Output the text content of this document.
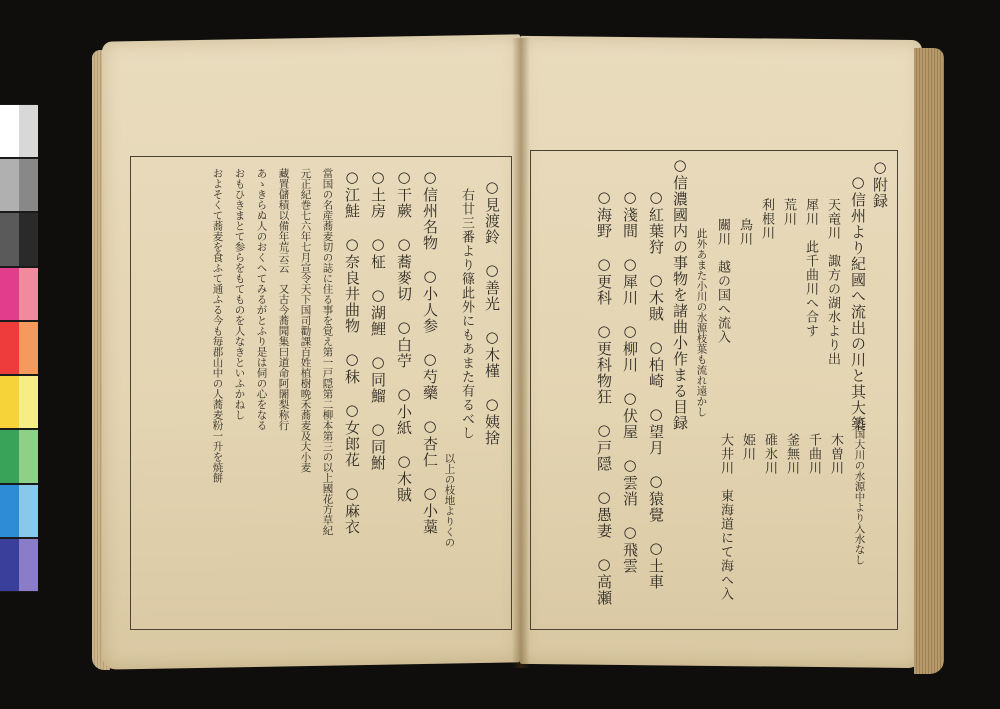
○附録
○信州より紀國へ流出の川と其大築
天竜川　諏方の湖水より出
犀川　此千曲川へ合す
荒川
利根川
鳥川
關川　越の国へ流入
此外あまた小川の水源枝葉も流れ遠かし
○信濃國内の事物を諸曲小作まる目録
○紅葉狩　○木賊　○柏崎　○望月　○猿覺　○土車
○淺間　○犀川　○柳川　○伏屋　○雲消　○飛雲
○海野　○更科　○更科物狂　○戸隠　○愚妻　○高瀬	近国大川の水源中より入水なし
木曽川
千曲川
釜無川
碓氷川
姫川
大井川　東海道にて海へ入
○見渡鈴　○善光　○木槿　○姨捨
右廿三番より篠此外にもあまた有るべし
以上の枝地よりくの
○信州名物　○小人参　○芍藥　○杏仁　○小藁
○干蕨　○蕎麥切　○白苧　○小紙　○木賊
○土房　○柾　○湖鯉　○同鰡　○同鮒
○江鮭　○奈良井曲物　○秣　○女郎花　○麻衣
當国の名産蕎麦切の誌に住る事を覚え第一戸隠第二柳本第三の以上國花方草紀
元正紀巻七六年七月宣令天下国司勸課百姓植樹晩禾蕎麦及大小麦
藏置儲積以備年荒云云　又古今蕎聞集曰道命阿闍梨称行
あゝきらぬ人のおくへてみるがとふり是は伺の心をなる
おもひきまとて参らをもてものを人なきといふかねし
およそくて蕎麦を食ふて通ふる今も毎郡山中の人蕎麦粉一升を焼餅
